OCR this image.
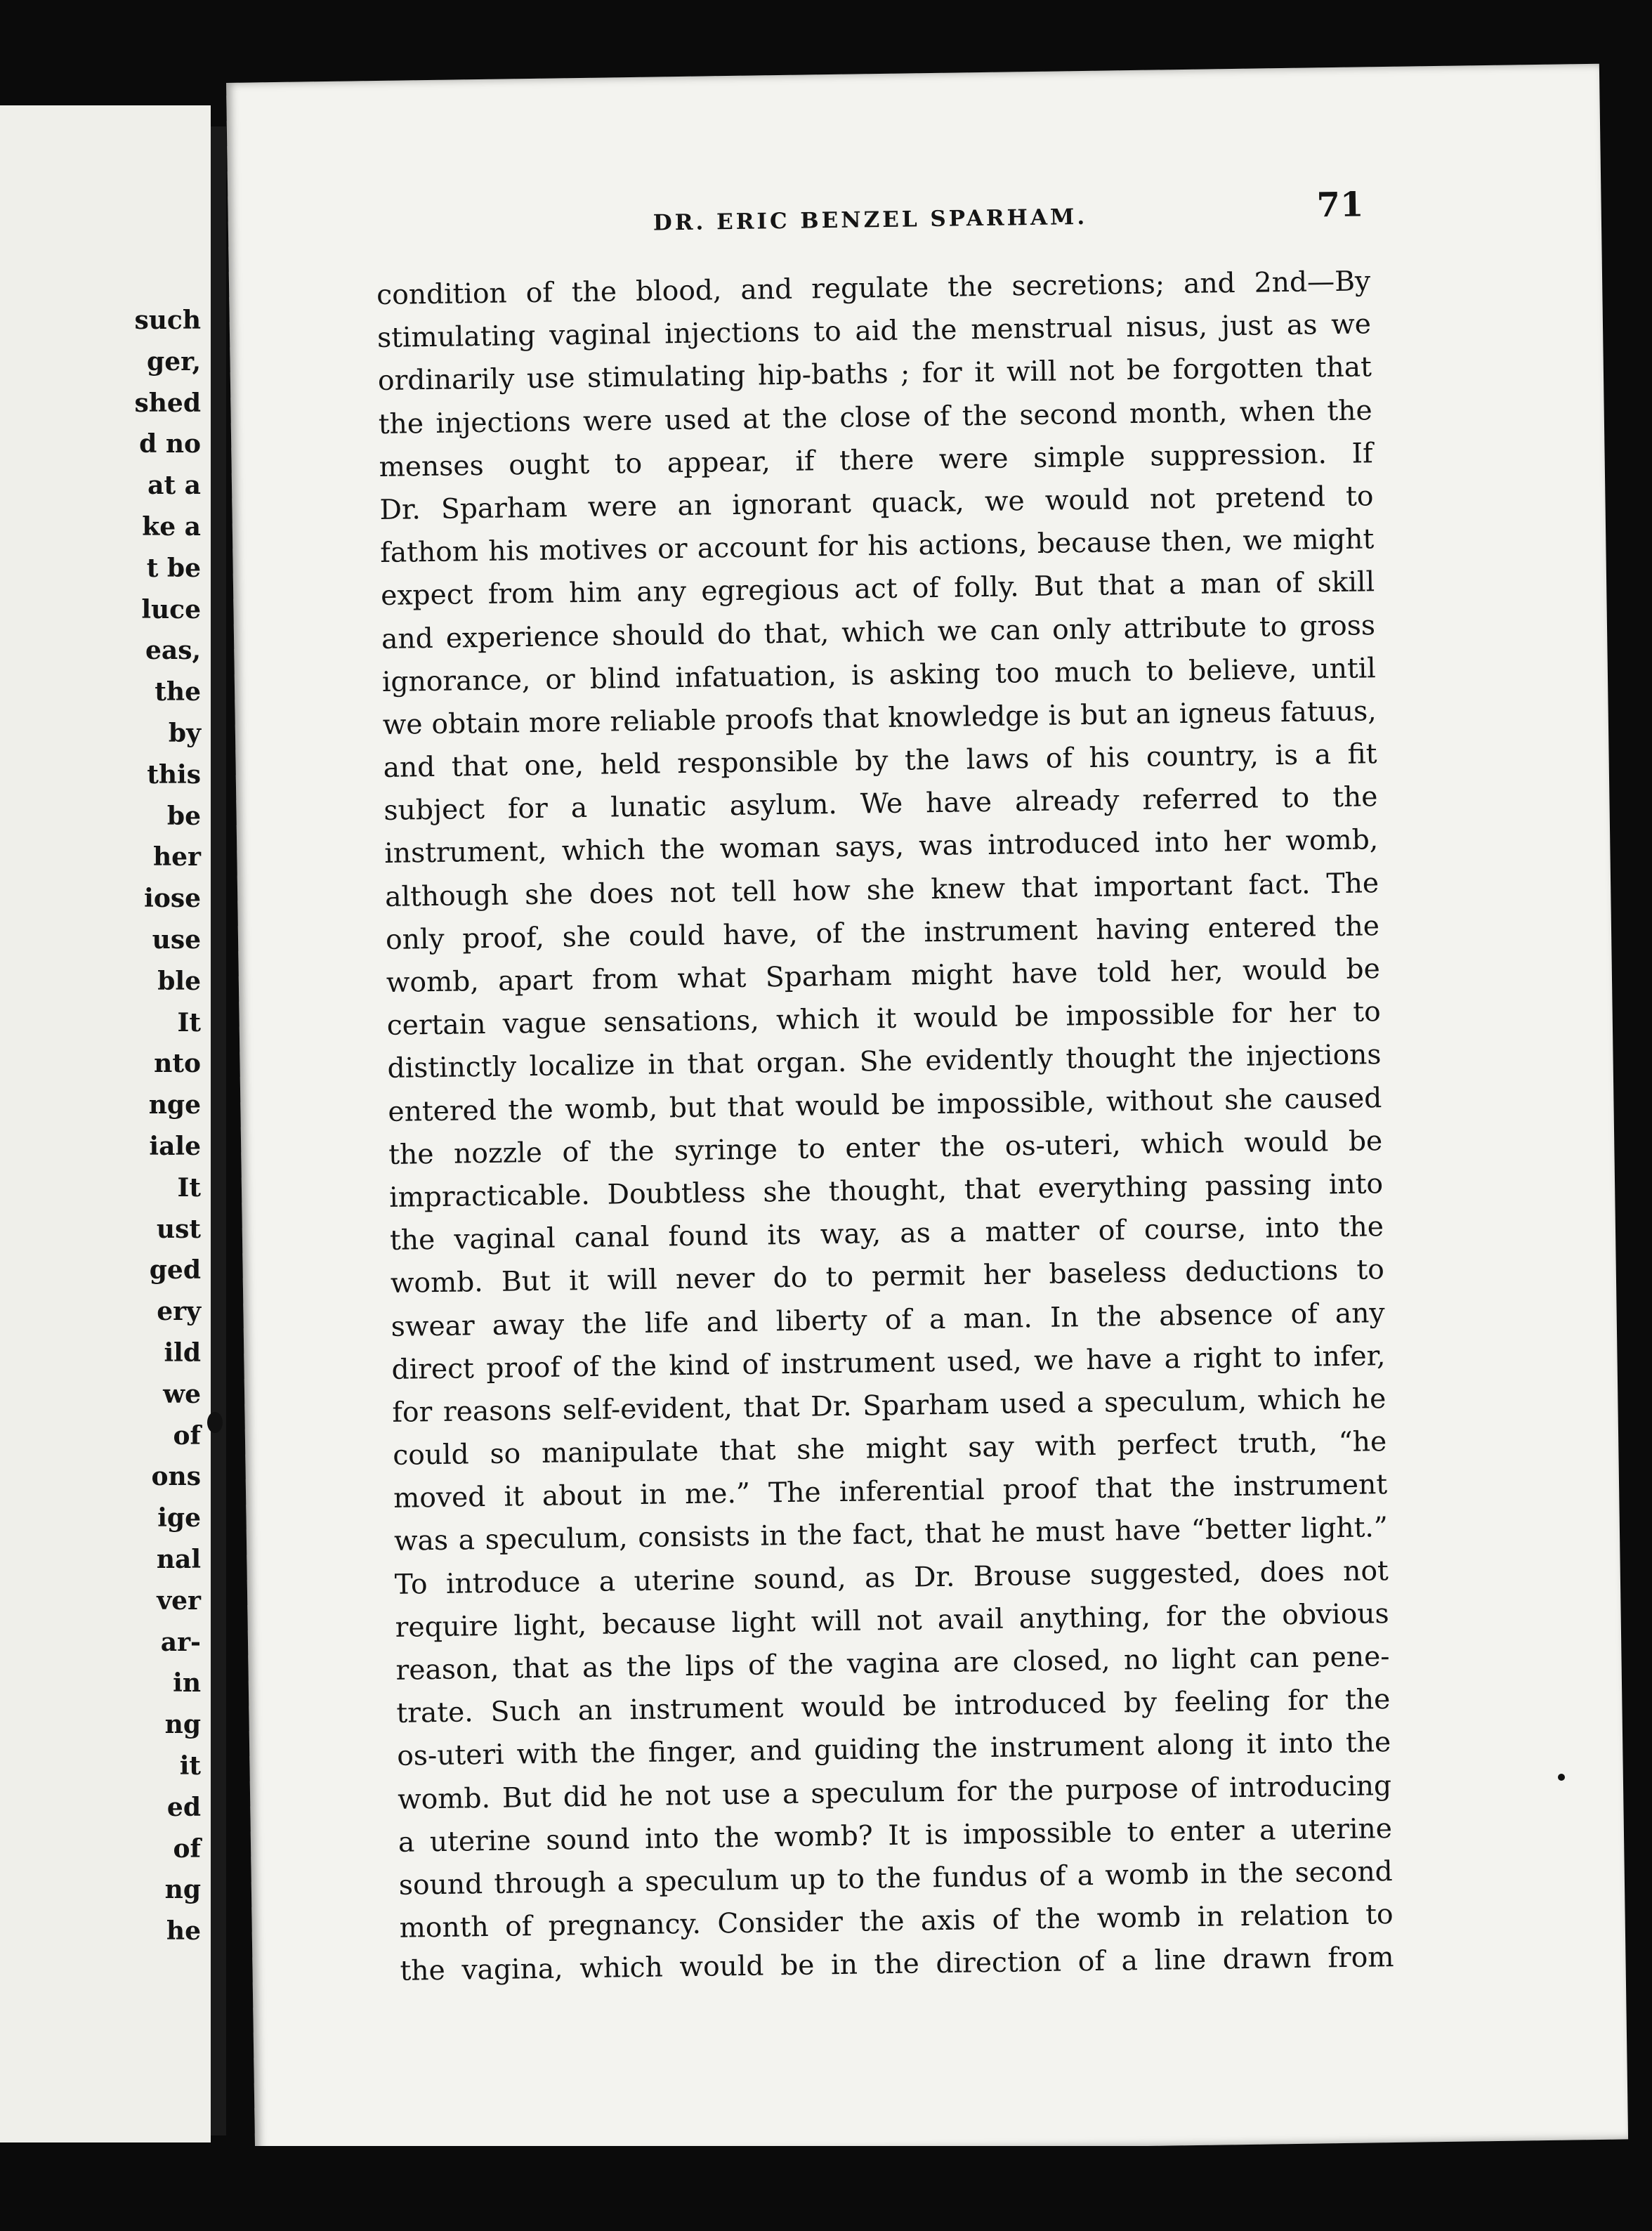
such
ger,
shed
d no
at a
ke a
t be
luce
eas,
the
by
this
be
her
iose
use
ble
It
nto
nge
iale
It
ust
ged
ery
ild
we
of
ons
ige
nal
ver
ar-
in
ng
it
ed
of
ng
he
DR. ERIC BENZEL SPARHAM.	71
condition of the blood, and regulate the secretions; and 2nd—By
stimulating vaginal injections to aid the menstrual nisus, just as we
ordinarily use stimulating hip-baths ; for it will not be forgotten that
the injections were used at the close of the second month, when the
menses ought to appear, if there were simple suppression. If
Dr. Sparham were an ignorant quack, we would not pretend to
fathom his motives or account for his actions, because then, we might
expect from him any egregious act of folly. But that a man of skill
and experience should do that, which we can only attribute to gross
ignorance, or blind infatuation, is asking too much to believe, until
we obtain more reliable proofs that knowledge is but an igneus fatuus,
and that one, held responsible by the laws of his country, is a fit
subject for a lunatic asylum. We have already referred to the
instrument, which the woman says, was introduced into her womb,
although she does not tell how she knew that important fact. The
only proof, she could have, of the instrument having entered the
womb, apart from what Sparham might have told her, would be
certain vague sensations, which it would be impossible for her to
distinctly localize in that organ. She evidently thought the injections
entered the womb, but that would be impossible, without she caused
the nozzle of the syringe to enter the os-uteri, which would be
impracticable. Doubtless she thought, that everything passing into
the vaginal canal found its way, as a matter of course, into the
womb. But it will never do to permit her baseless deductions to
swear away the life and liberty of a man. In the absence of any
direct proof of the kind of instrument used, we have a right to infer,
for reasons self-evident, that Dr. Sparham used a speculum, which he
could so manipulate that she might say with perfect truth, “he
moved it about in me.” The inferential proof that the instrument
was a speculum, consists in the fact, that he must have “better light.”
To introduce a uterine sound, as Dr. Brouse suggested, does not
require light, because light will not avail anything, for the obvious
reason, that as the lips of the vagina are closed, no light can pene-
trate. Such an instrument would be introduced by feeling for the
os-uteri with the finger, and guiding the instrument along it into the
womb. But did he not use a speculum for the purpose of introducing
a uterine sound into the womb? It is impossible to enter a uterine
sound through a speculum up to the fundus of a womb in the second
month of pregnancy. Consider the axis of the womb in relation to
the vagina, which would be in the direction of a line drawn from
